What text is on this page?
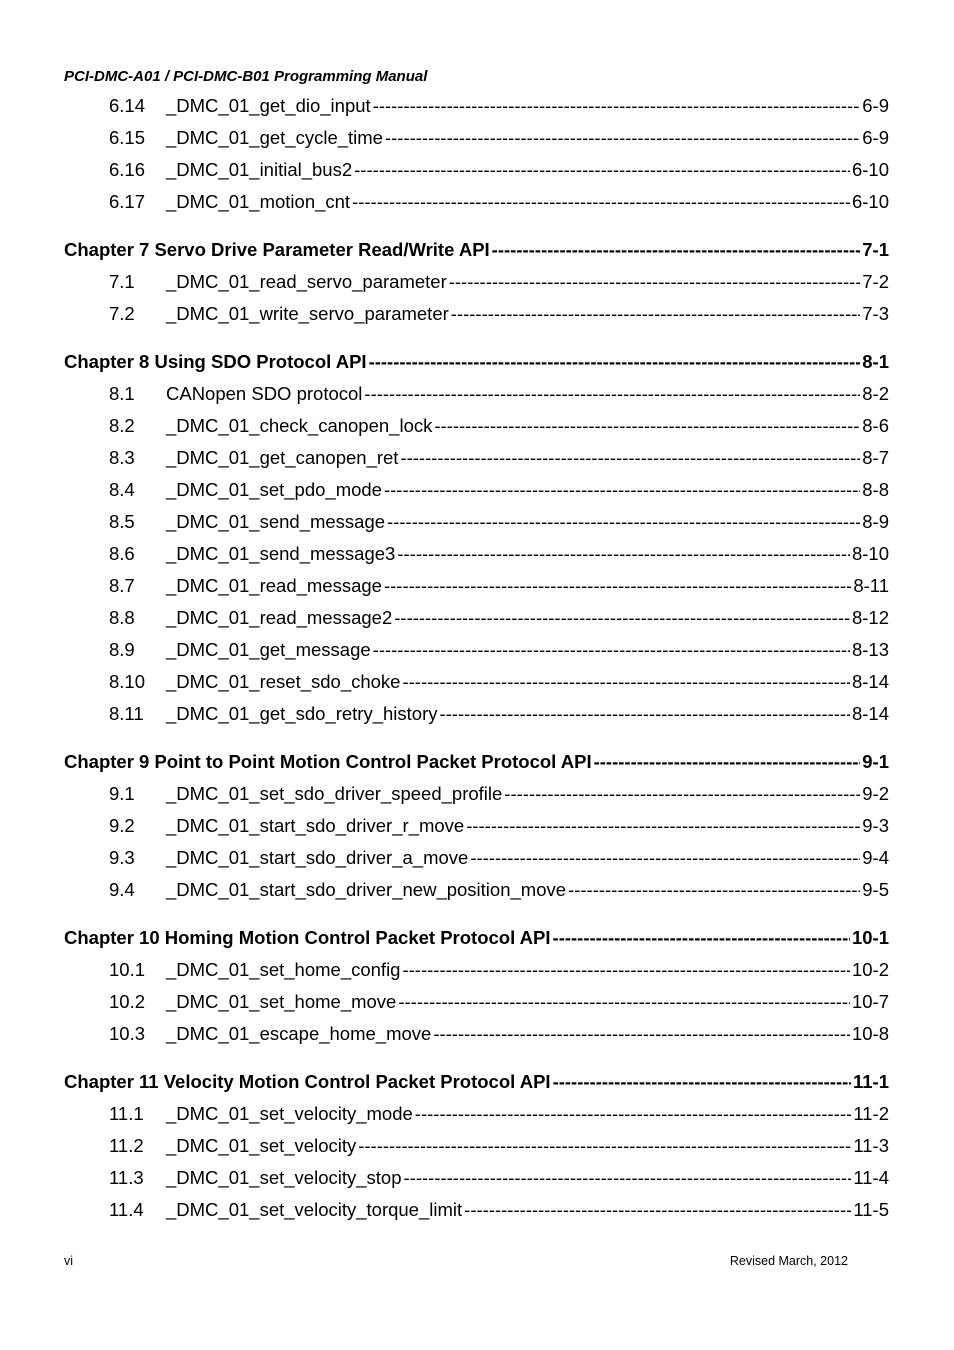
PCI-DMC-A01 / PCI-DMC-B01 Programming Manual
6.14	_DMC_01_get_dio_input -----	6-9
6.15	_DMC_01_get_cycle_time -----	6-9
6.16	_DMC_01_initial_bus2 -----	6-10
6.17	_DMC_01_motion_cnt -----	6-10
Chapter 7 Servo Drive Parameter Read/Write API -----	7-1
7.1	_DMC_01_read_servo_parameter -----	7-2
7.2	_DMC_01_write_servo_parameter -----	7-3
Chapter 8 Using SDO Protocol API -----	8-1
8.1	CANopen SDO protocol -----	8-2
8.2	_DMC_01_check_canopen_lock -----	8-6
8.3	_DMC_01_get_canopen_ret -----	8-7
8.4	_DMC_01_set_pdo_mode -----	8-8
8.5	_DMC_01_send_message -----	8-9
8.6	_DMC_01_send_message3 -----	8-10
8.7	_DMC_01_read_message -----	8-11
8.8	_DMC_01_read_message2 -----	8-12
8.9	_DMC_01_get_message -----	8-13
8.10	_DMC_01_reset_sdo_choke -----	8-14
8.11	_DMC_01_get_sdo_retry_history -----	8-14
Chapter 9 Point to Point Motion Control Packet Protocol API -----	9-1
9.1	_DMC_01_set_sdo_driver_speed_profile -----	9-2
9.2	_DMC_01_start_sdo_driver_r_move -----	9-3
9.3	_DMC_01_start_sdo_driver_a_move -----	9-4
9.4	_DMC_01_start_sdo_driver_new_position_move -----	9-5
Chapter 10 Homing Motion Control Packet Protocol API -----	10-1
10.1	_DMC_01_set_home_config -----	10-2
10.2	_DMC_01_set_home_move -----	10-7
10.3	_DMC_01_escape_home_move -----	10-8
Chapter 11 Velocity Motion Control Packet Protocol API -----	11-1
11.1	_DMC_01_set_velocity_mode -----	11-2
11.2	_DMC_01_set_velocity -----	11-3
11.3	_DMC_01_set_velocity_stop -----	11-4
11.4	_DMC_01_set_velocity_torque_limit -----	11-5
vi	Revised March, 2012
